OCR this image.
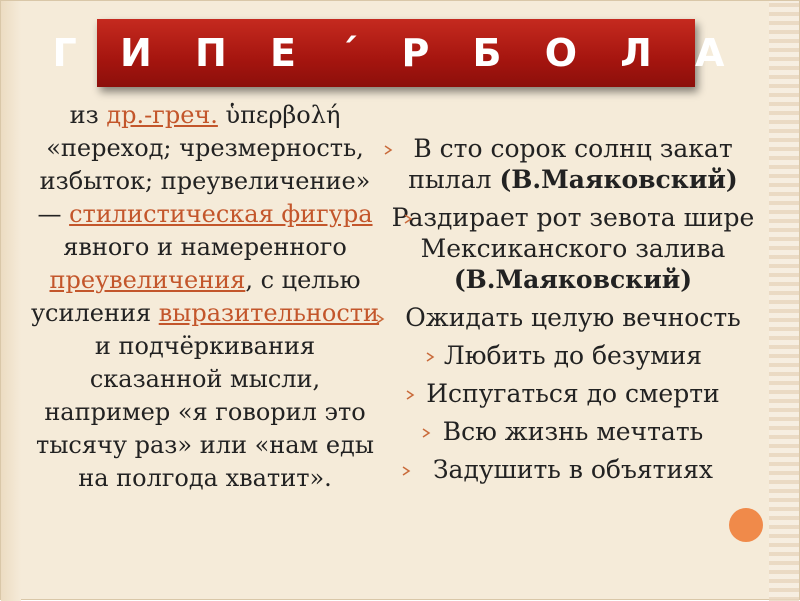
Г И П Е ´ Р Б О Л А
из др.-греч. ὑπερβολή «переход; чрезмерность, избыток; преувеличение» — стилистическая фигура явного и намеренного преувеличения, с целью усиления выразительности и подчёркивания сказанной мысли, например «я говорил это тысячу раз» или «нам еды на полгода хватит».
В сто сорок солнц закат пылал (В.Маяковский)
Раздирает рот зевота шире Мексиканского залива (В.Маяковский)
Ожидать целую вечность
Любить до безумия
Испугаться до смерти
Всю жизнь мечтать
Задушить в объятиях
